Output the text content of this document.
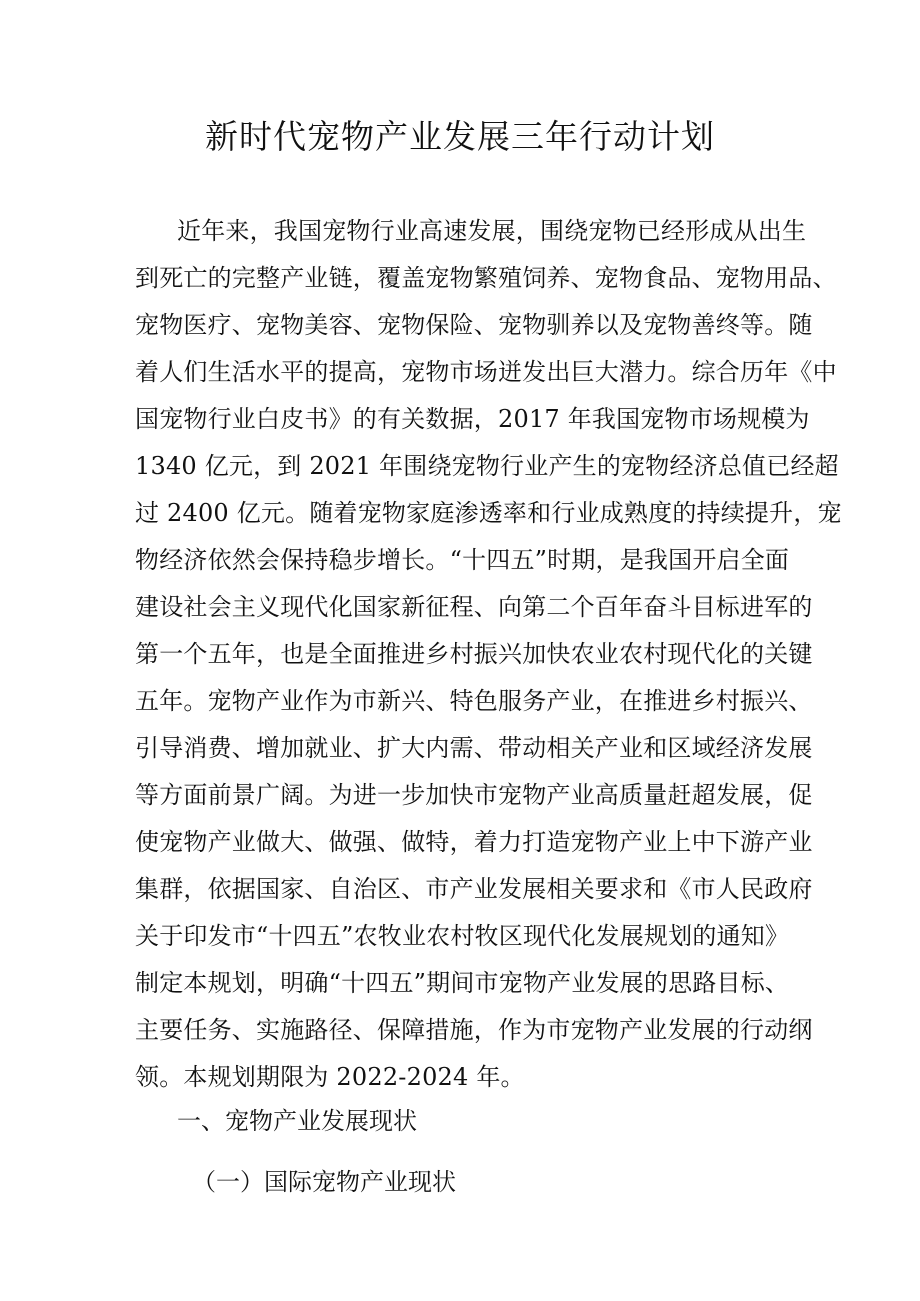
新时代宠物产业发展三年行动计划
近年来，我国宠物行业高速发展，围绕宠物已经形成从出生
到死亡的完整产业链，覆盖宠物繁殖饲养、宠物食品、宠物用品、
宠物医疗、宠物美容、宠物保险、宠物驯养以及宠物善终等。随
着人们生活水平的提高，宠物市场迸发出巨大潜力。综合历年《中
国宠物行业白皮书》的有关数据，2017 年我国宠物市场规模为
1340 亿元，到 2021 年围绕宠物行业产生的宠物经济总值已经超
过 2400 亿元。随着宠物家庭渗透率和行业成熟度的持续提升，宠
物经济依然会保持稳步增长。“十四五”时期，是我国开启全面
建设社会主义现代化国家新征程、向第二个百年奋斗目标进军的
第一个五年，也是全面推进乡村振兴加快农业农村现代化的关键
五年。宠物产业作为市新兴、特色服务产业，在推进乡村振兴、
引导消费、增加就业、扩大内需、带动相关产业和区域经济发展
等方面前景广阔。为进一步加快市宠物产业高质量赶超发展，促
使宠物产业做大、做强、做特，着力打造宠物产业上中下游产业
集群，依据国家、自治区、市产业发展相关要求和《市人民政府
关于印发市“十四五”农牧业农村牧区现代化发展规划的通知》
制定本规划，明确“十四五”期间市宠物产业发展的思路目标、
主要任务、实施路径、保障措施，作为市宠物产业发展的行动纲
领。本规划期限为 2022-2024 年。
一、宠物产业发展现状
（一）国际宠物产业现状
